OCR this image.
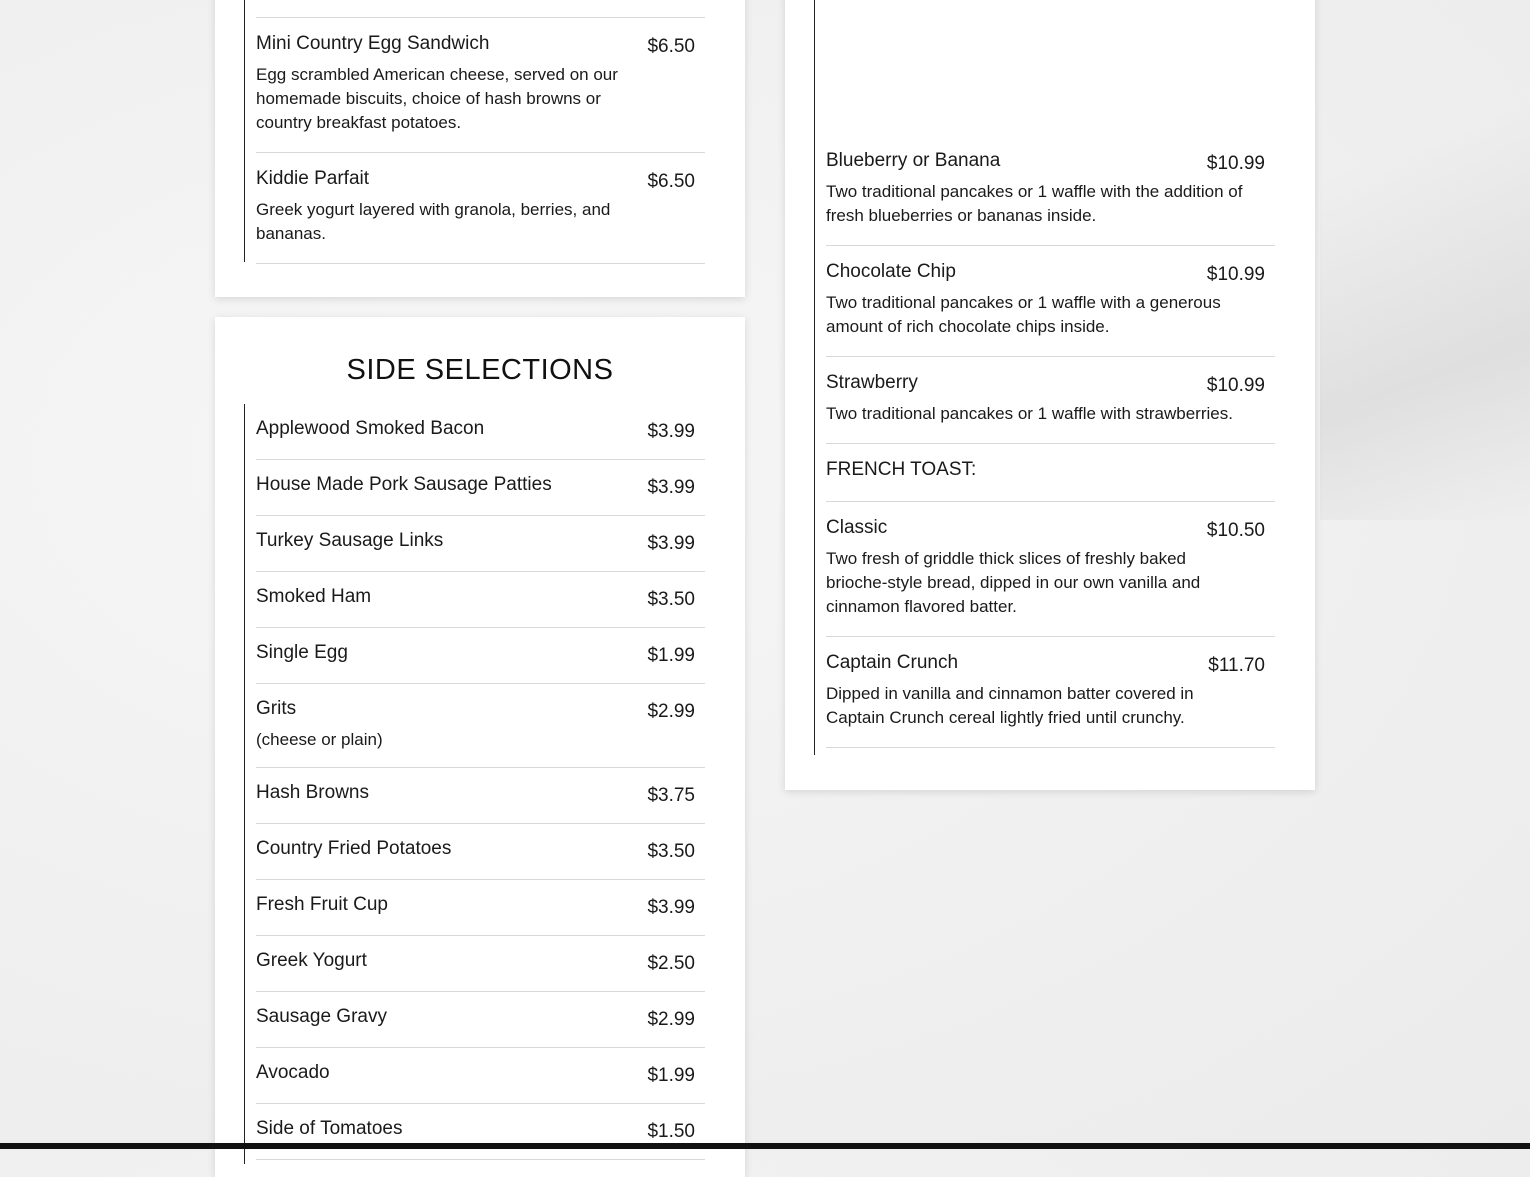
Mini Country Egg Sandwich	$6.50
Egg scrambled American cheese, served on our homemade biscuits, choice of hash browns or country breakfast potatoes.
Kiddie Parfait	$6.50
Greek yogurt layered with granola, berries, and bananas.
SIDE SELECTIONS
Applewood Smoked Bacon	$3.99
House Made Pork Sausage Patties	$3.99
Turkey Sausage Links	$3.99
Smoked Ham	$3.50
Single Egg	$1.99
Grits	$2.99
(cheese or plain)
Hash Browns	$3.75
Country Fried Potatoes	$3.50
Fresh Fruit Cup	$3.99
Greek Yogurt	$2.50
Sausage Gravy	$2.99
Avocado	$1.99
Side of Tomatoes	$1.50
Blueberry or Banana	$10.99
Two traditional pancakes or 1 waffle with the addition of fresh blueberries or bananas inside.
Chocolate Chip	$10.99
Two traditional pancakes or 1 waffle with a generous amount of rich chocolate chips inside.
Strawberry	$10.99
Two traditional pancakes or 1 waffle with strawberries.
FRENCH TOAST:
Classic	$10.50
Two fresh of griddle thick slices of freshly baked brioche-style bread, dipped in our own vanilla and cinnamon flavored batter.
Captain Crunch	$11.70
Dipped in vanilla and cinnamon batter covered in Captain Crunch cereal lightly fried until crunchy.
